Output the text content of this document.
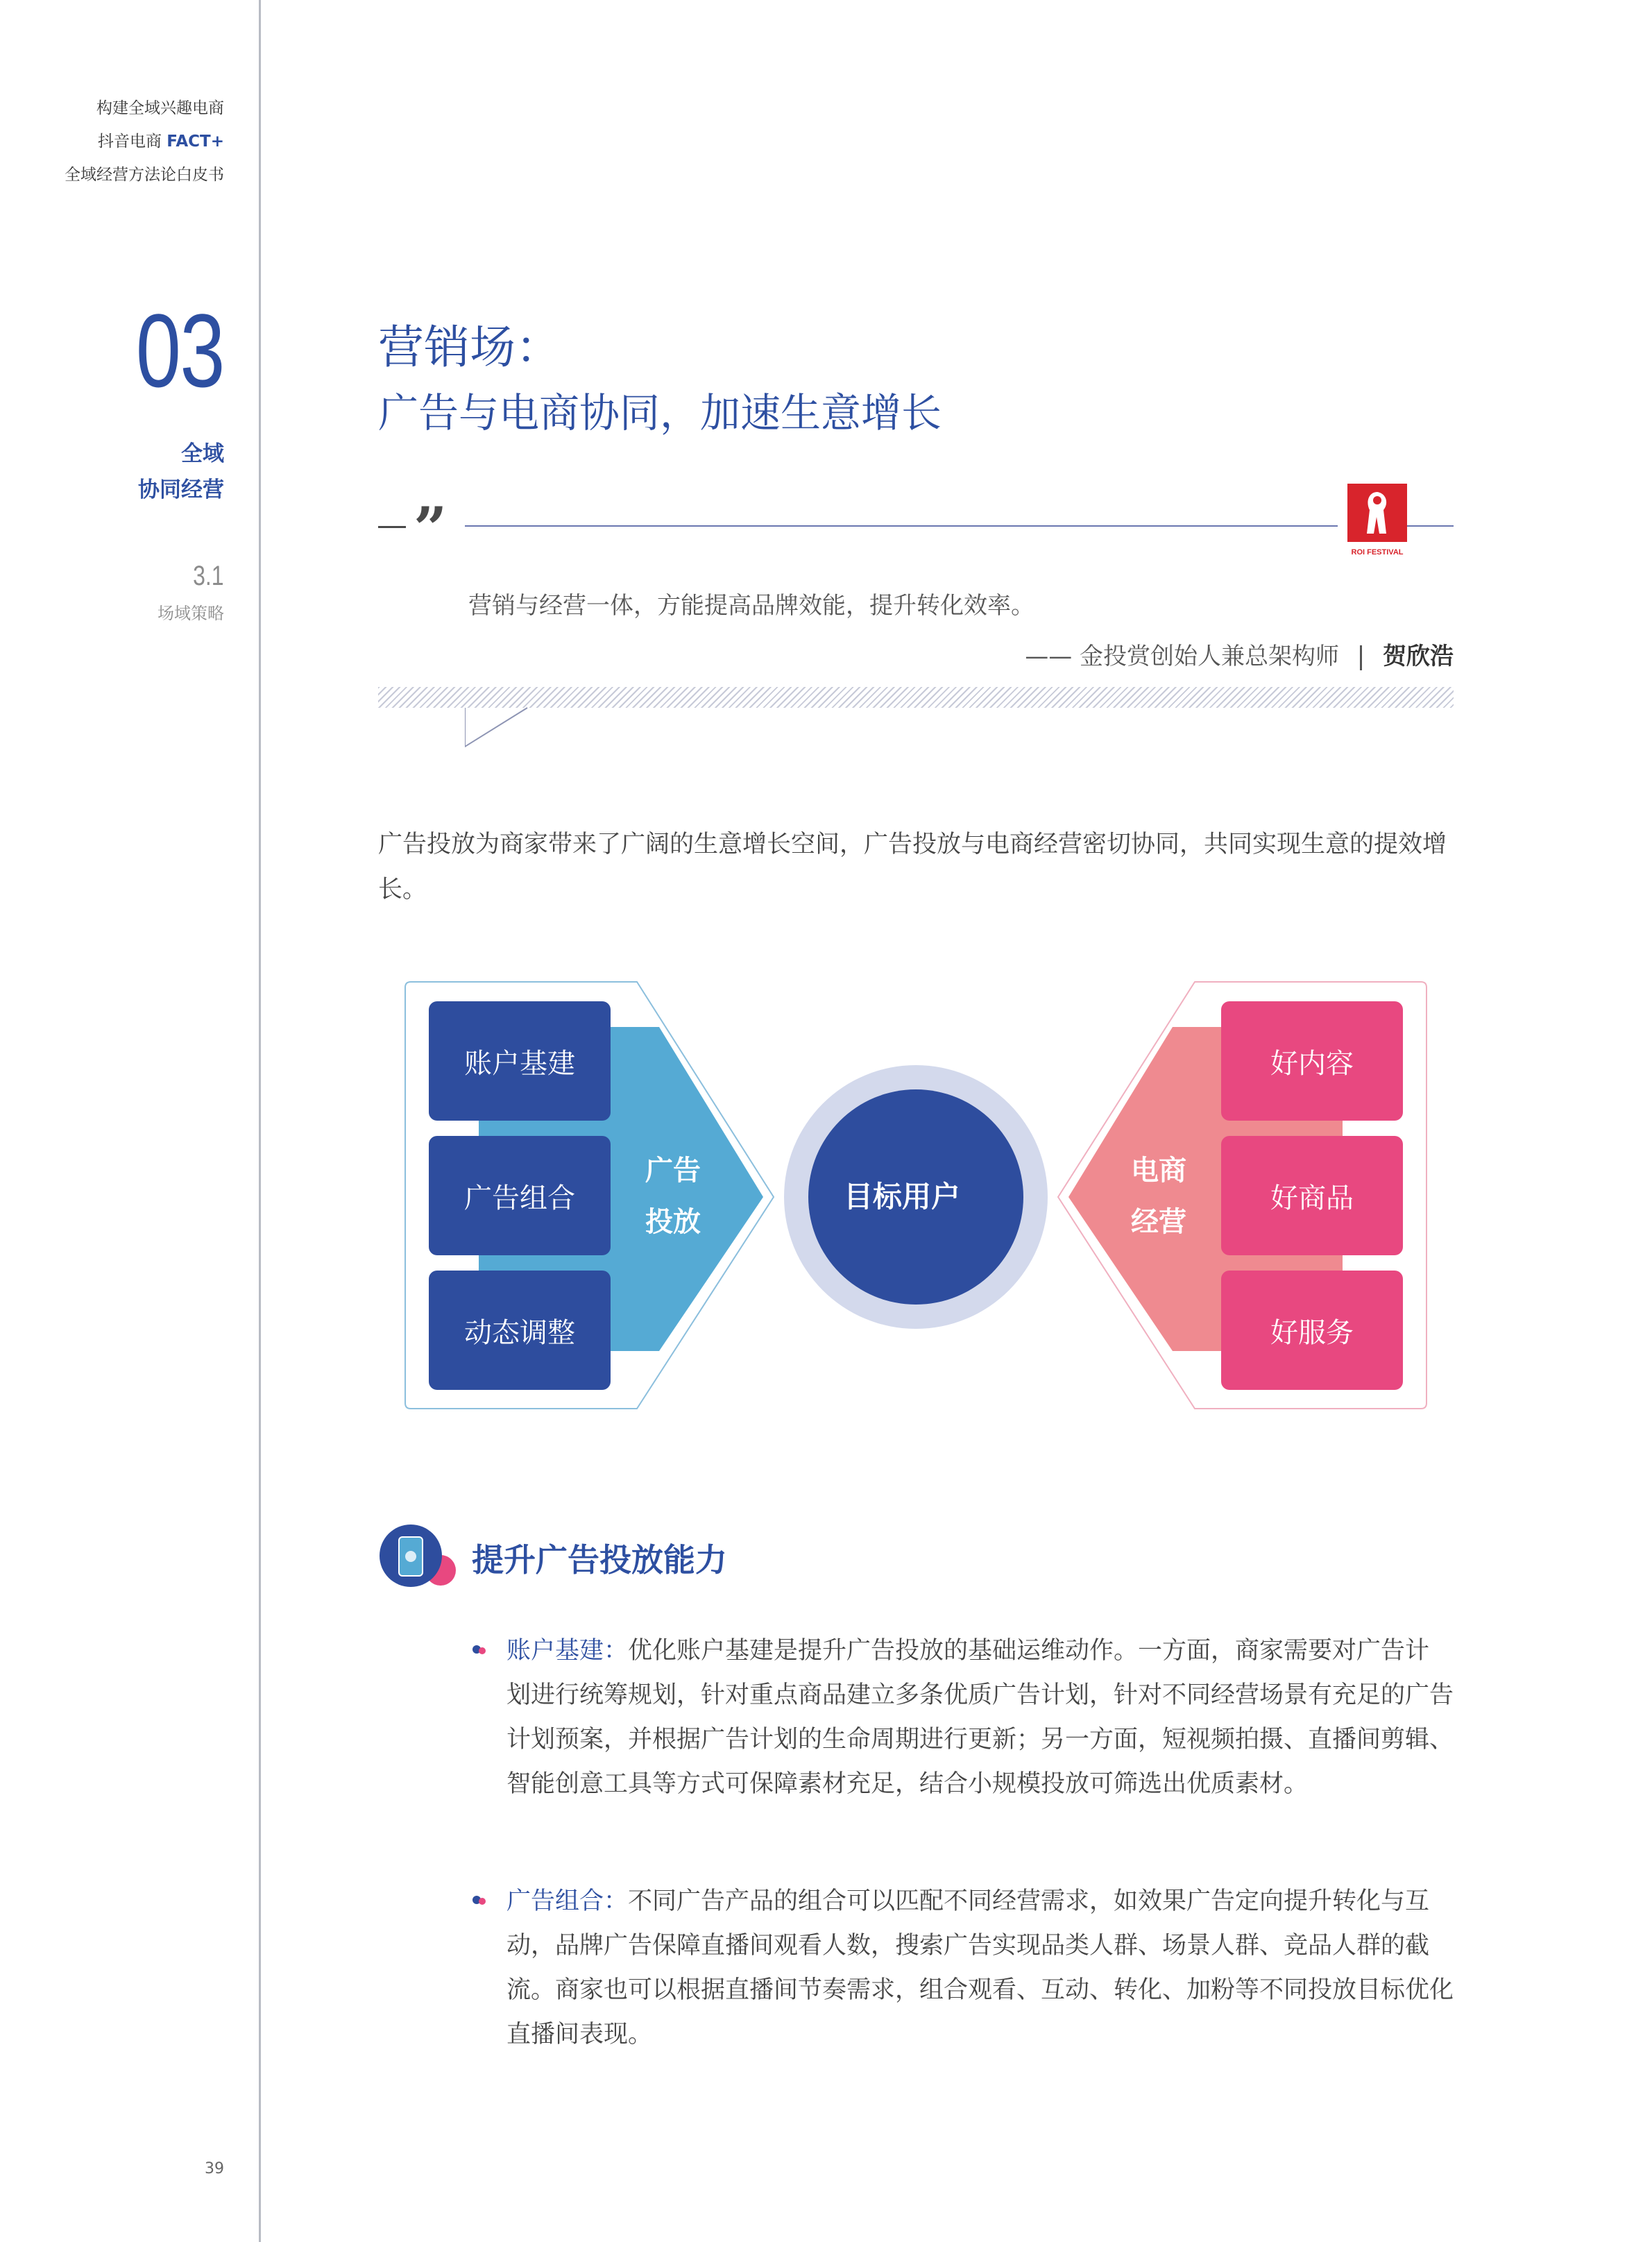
构建全域兴趣电商
抖音电商 FACT+
全域经营方法论白皮书
03
全域
协同经营
3.1
场域策略
39
营销场：
广告与电商协同，加速生意增长
”	ROI FESTIVAL
营销与经营一体，方能提高品牌效能，提升转化效率。
—— 金投赏创始人兼总架构师 贺欣浩
广告投放为商家带来了广阔的生意增长空间，广告投放与电商经营密切协同，共同实现生意的提效增长。
账户基建
广告组合
动态调整
广告
投放
目标用户
电商
经营
好内容
好商品
好服务
提升广告投放能力
账户基建：优化账户基建是提升广告投放的基础运维动作。一方面，商家需要对广告计划进行统筹规划，针对重点商品建立多条优质广告计划，针对不同经营场景有充足的广告计划预案，并根据广告计划的生命周期进行更新；另一方面，短视频拍摄、直播间剪辑、智能创意工具等方式可保障素材充足，结合小规模投放可筛选出优质素材。
广告组合：不同广告产品的组合可以匹配不同经营需求，如效果广告定向提升转化与互动，品牌广告保障直播间观看人数，搜索广告实现品类人群、场景人群、竞品人群的截流。商家也可以根据直播间节奏需求，组合观看、互动、转化、加粉等不同投放目标优化直播间表现。
